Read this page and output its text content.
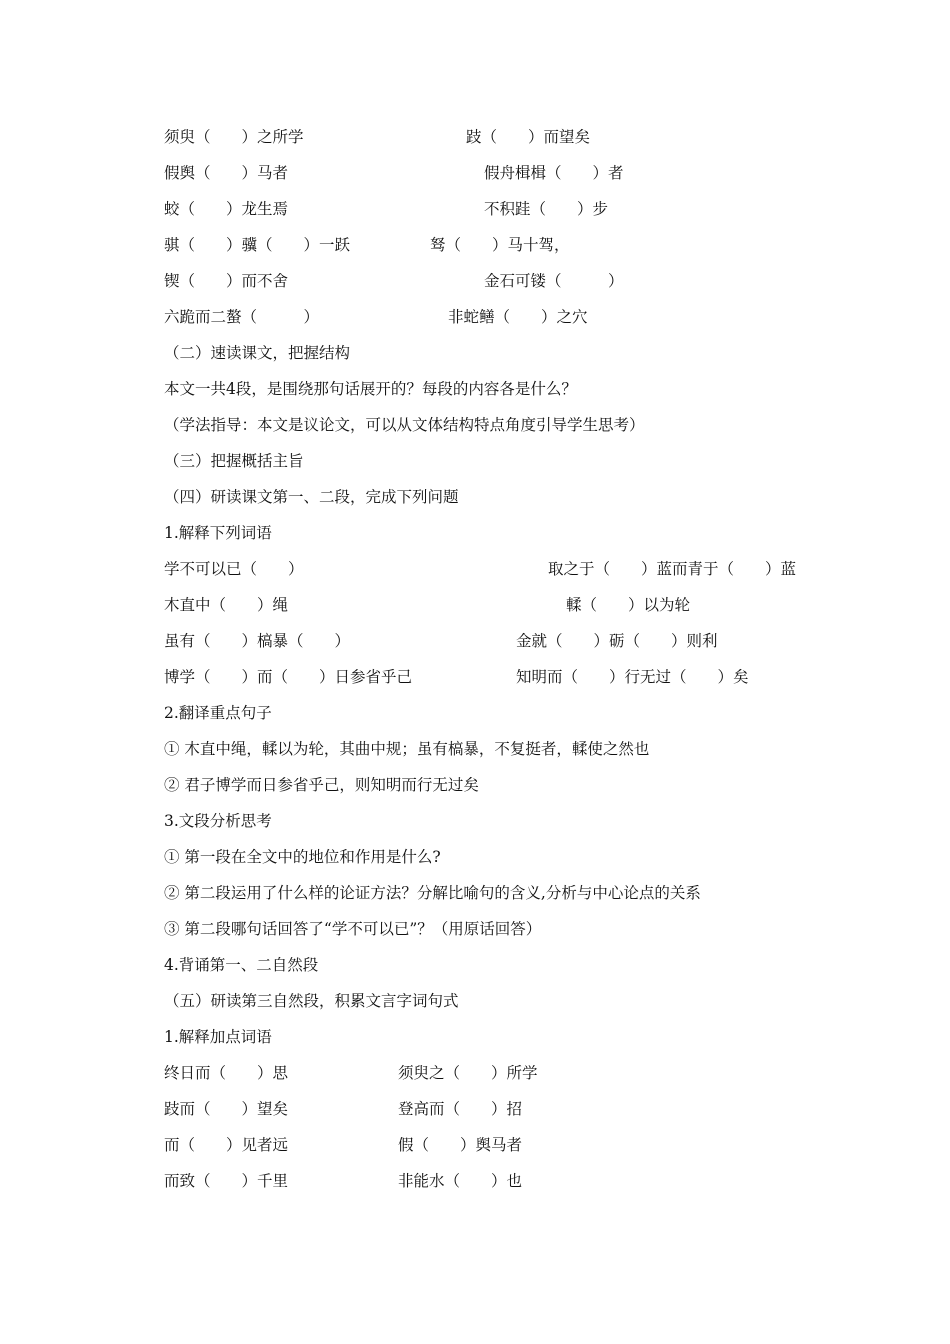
须臾（　　）之所学	跂（　　）而望矣
假舆（　　）马者	假舟楫楫（　　）者
蛟（　　）龙生焉	不积跬（　　）步
骐（　　）骥（　　）一跃	驽（　　）马十驾，
锲（　　）而不舍	金石可镂（　　　）
六跪而二螯（　　　）	非蛇鳝（　　）之穴
（二）速读课文，把握结构
本文一共4段，是围绕那句话展开的？每段的内容各是什么？
（学法指导：本文是议论文，可以从文体结构特点角度引导学生思考）
（三）把握概括主旨
（四）研读课文第一、二段，完成下列问题
1.解释下列词语
学不可以已（　　）	取之于（　　）蓝而青于（　　）蓝
木直中（　　）绳	輮（　　）以为轮
虽有（　　）槁暴（　　）	金就（　　）砺（　　）则利
博学（　　）而（　　）日参省乎己	知明而（　　）行无过（　　）矣
2.翻译重点句子
① 木直中绳，輮以为轮，其曲中规；虽有槁暴，不复挺者，輮使之然也
② 君子博学而日参省乎己，则知明而行无过矣
3.文段分析思考
① 第一段在全文中的地位和作用是什么?
② 第二段运用了什么样的论证方法？分解比喻句的含义,分析与中心论点的关系
③ 第二段哪句话回答了“学不可以已”？（用原话回答）
4.背诵第一、二自然段
（五）研读第三自然段，积累文言字词句式
1.解释加点词语
终日而（　　）思	须臾之（　　）所学
跂而（　　）望矣	登高而（　　）招
而（　　）见者远	假（　　）舆马者
而致（　　）千里	非能水（　　）也
